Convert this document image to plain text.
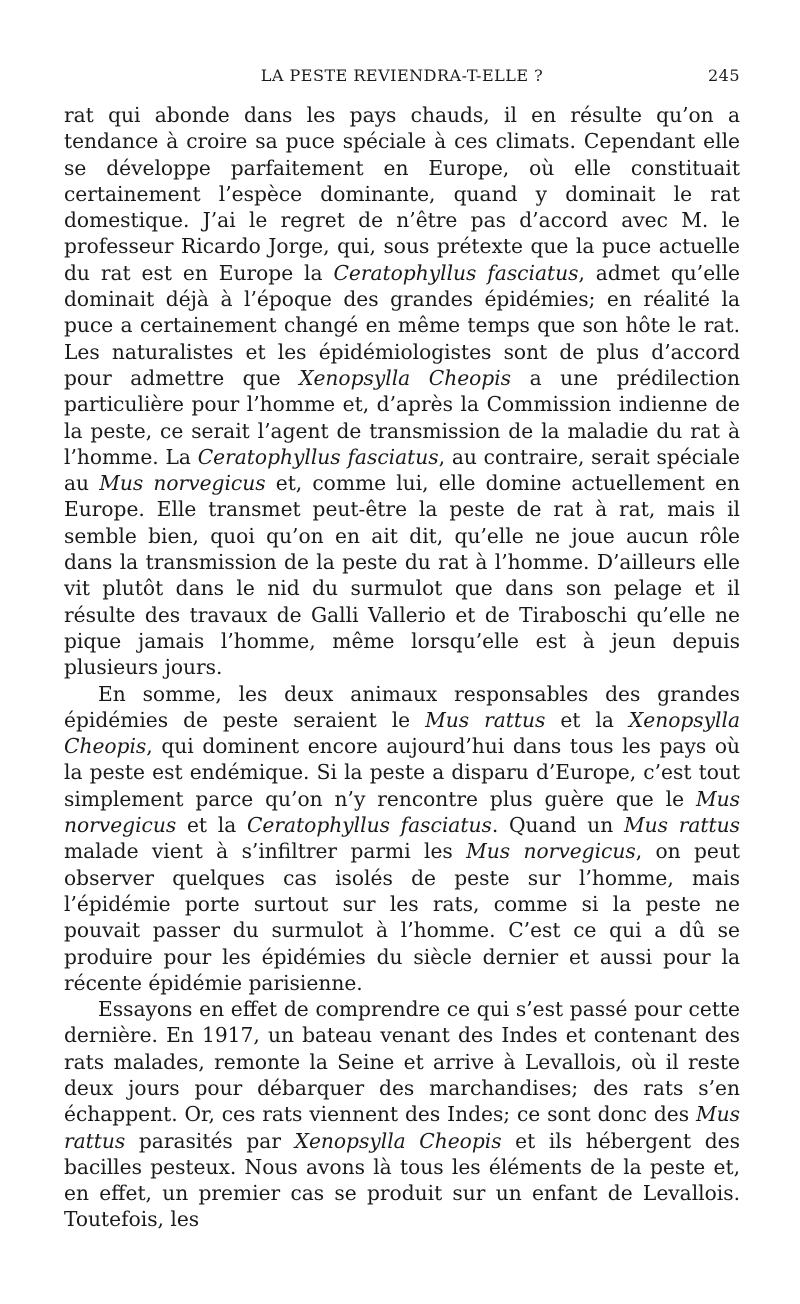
LA PESTE REVIENDRA-T-ELLE ?	245

rat qui abonde dans les pays chauds, il en résulte qu’on a tendance à croire sa puce spéciale à ces climats. Cependant elle se développe parfaitement en Europe, où elle constituait certainement l’espèce dominante, quand y dominait le rat domestique. J’ai le regret de n’être pas d’accord avec M. le professeur Ricardo Jorge, qui, sous prétexte que la puce actuelle du rat est en Europe la Ceratophyllus fasciatus, admet qu’elle dominait déjà à l’époque des grandes épidémies; en réalité la puce a certainement changé en même temps que son hôte le rat. Les naturalistes et les épidémiologistes sont de plus d’accord pour admettre que Xenopsylla Cheopis a une prédilection particulière pour l’homme et, d’après la Commission indienne de la peste, ce serait l’agent de transmission de la maladie du rat à l’homme. La Ceratophyllus fasciatus, au contraire, serait spéciale au Mus norvegicus et, comme lui, elle domine actuellement en Europe. Elle transmet peut-être la peste de rat à rat, mais il semble bien, quoi qu’on en ait dit, qu’elle ne joue aucun rôle dans la transmission de la peste du rat à l’homme. D’ailleurs elle vit plutôt dans le nid du surmulot que dans son pelage et il résulte des travaux de Galli Vallerio et de Tiraboschi qu’elle ne pique jamais l’homme, même lorsqu’elle est à jeun depuis plusieurs jours.

En somme, les deux animaux responsables des grandes épidémies de peste seraient le Mus rattus et la Xenopsylla Cheopis, qui dominent encore aujourd’hui dans tous les pays où la peste est endémique. Si la peste a disparu d’Europe, c’est tout simplement parce qu’on n’y rencontre plus guère que le Mus norvegicus et la Ceratophyllus fasciatus. Quand un Mus rattus malade vient à s’infiltrer parmi les Mus norvegicus, on peut observer quelques cas isolés de peste sur l’homme, mais l’épidémie porte surtout sur les rats, comme si la peste ne pouvait passer du surmulot à l’homme. C’est ce qui a dû se produire pour les épidémies du siècle dernier et aussi pour la récente épidémie parisienne.

Essayons en effet de comprendre ce qui s’est passé pour cette dernière. En 1917, un bateau venant des Indes et contenant des rats malades, remonte la Seine et arrive à Levallois, où il reste deux jours pour débarquer des marchandises; des rats s’en échappent. Or, ces rats viennent des Indes; ce sont donc des Mus rattus parasités par Xenopsylla Cheopis et ils hébergent des bacilles pesteux. Nous avons là tous les éléments de la peste et, en effet, un premier cas se produit sur un enfant de Levallois. Toutefois, les
